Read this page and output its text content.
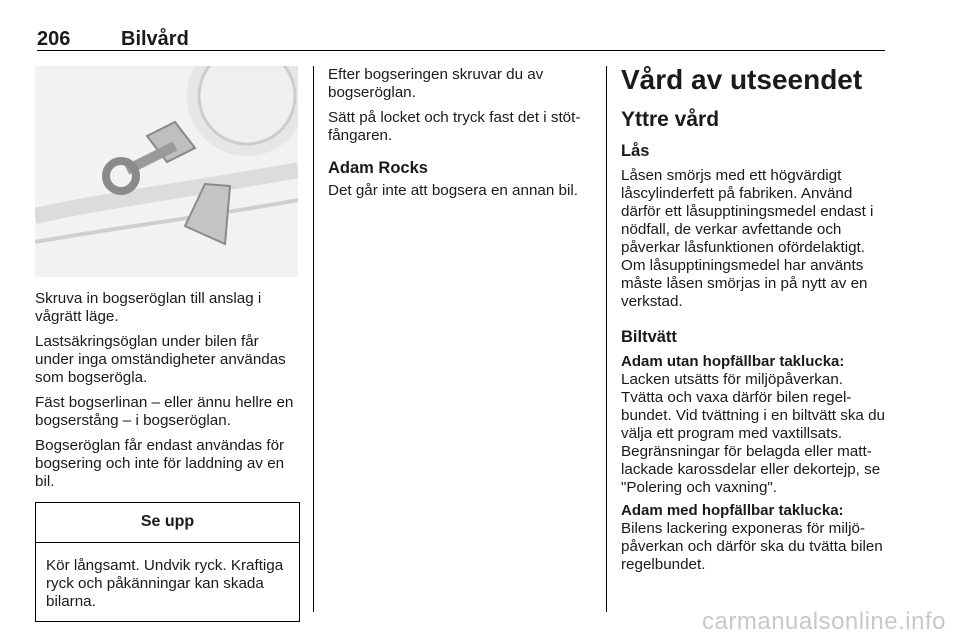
206	Bilvård

Skruva in bogseröglan till anslag i vågrätt läge.

Lastsäkringsöglan under bilen får under inga omständigheter användas som bogserögla.

Fäst bogserlinan – eller ännu hellre en bogserstång – i bogseröglan.

Bogseröglan får endast användas för bogsering och inte för laddning av en bil.

Se upp
Kör långsamt. Undvik ryck. Kraftiga ryck och påkänningar kan skada bilarna.

Efter bogseringen skruvar du av bogseröglan.

Sätt på locket och tryck fast det i stötfångaren.

Adam Rocks

Det går inte att bogsera en annan bil.

Vård av utseendet
Yttre vård
Lås

Låsen smörjs med ett högvärdigt låscylinderfett på fabriken. Använd därför ett låsupptiningsmedel endast i nödfall, de verkar avfettande och påverkar låsfunktionen ofördelaktigt. Om låsupptiningsmedel har använts måste låsen smörjas in på nytt av en verkstad.

Biltvätt

Adam utan hopfällbar taklucka:

Lacken utsätts för miljöpåverkan. Tvätta och vaxa därför bilen regelbundet. Vid tvättning i en biltvätt ska du välja ett program med vaxtillsats. Begränsningar för belagda eller mattlackade karossdelar eller dekortejp, se "Polering och vaxning".

Adam med hopfällbar taklucka:

Bilens lackering exponeras för miljöpåverkan och därför ska du tvätta bilen regelbundet.

carmanualsonline.info
